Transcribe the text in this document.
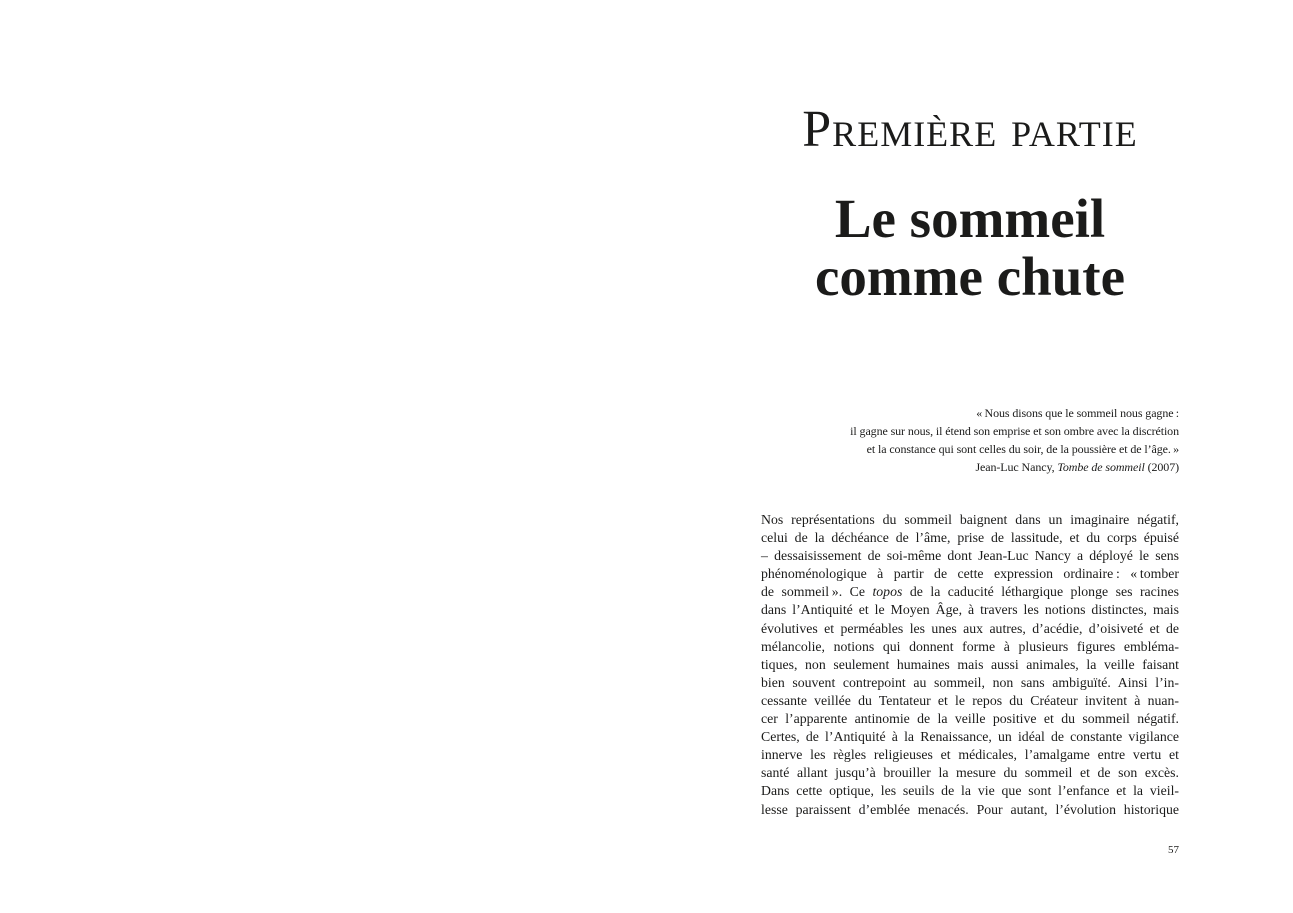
Première partie
Le sommeil
comme chute
« Nous disons que le sommeil nous gagne :
il gagne sur nous, il étend son emprise et son ombre avec la discrétion
et la constance qui sont celles du soir, de la poussière et de l’âge. »
Jean-Luc Nancy, Tombe de sommeil (2007)
Nos représentations du sommeil baignent dans un imaginaire négatif,
celui de la déchéance de l’âme, prise de lassitude, et du corps épuisé
– dessaisissement de soi-même dont Jean-Luc Nancy a déployé le sens
phénoménologique à partir de cette expression ordinaire : « tomber
de sommeil ». Ce topos de la caducité léthargique plonge ses racines
dans l’Antiquité et le Moyen Âge, à travers les notions distinctes, mais
évolutives et perméables les unes aux autres, d’acédie, d’oisiveté et de
mélancolie, notions qui donnent forme à plusieurs figures embléma-
tiques, non seulement humaines mais aussi animales, la veille faisant
bien souvent contrepoint au sommeil, non sans ambiguïté. Ainsi l’in-
cessante veillée du Tentateur et le repos du Créateur invitent à nuan-
cer l’apparente antinomie de la veille positive et du sommeil négatif.
Certes, de l’Antiquité à la Renaissance, un idéal de constante vigilance
innerve les règles religieuses et médicales, l’amalgame entre vertu et
santé allant jusqu’à brouiller la mesure du sommeil et de son excès.
Dans cette optique, les seuils de la vie que sont l’enfance et la vieil-
lesse paraissent d’emblée menacés. Pour autant, l’évolution historique
57
